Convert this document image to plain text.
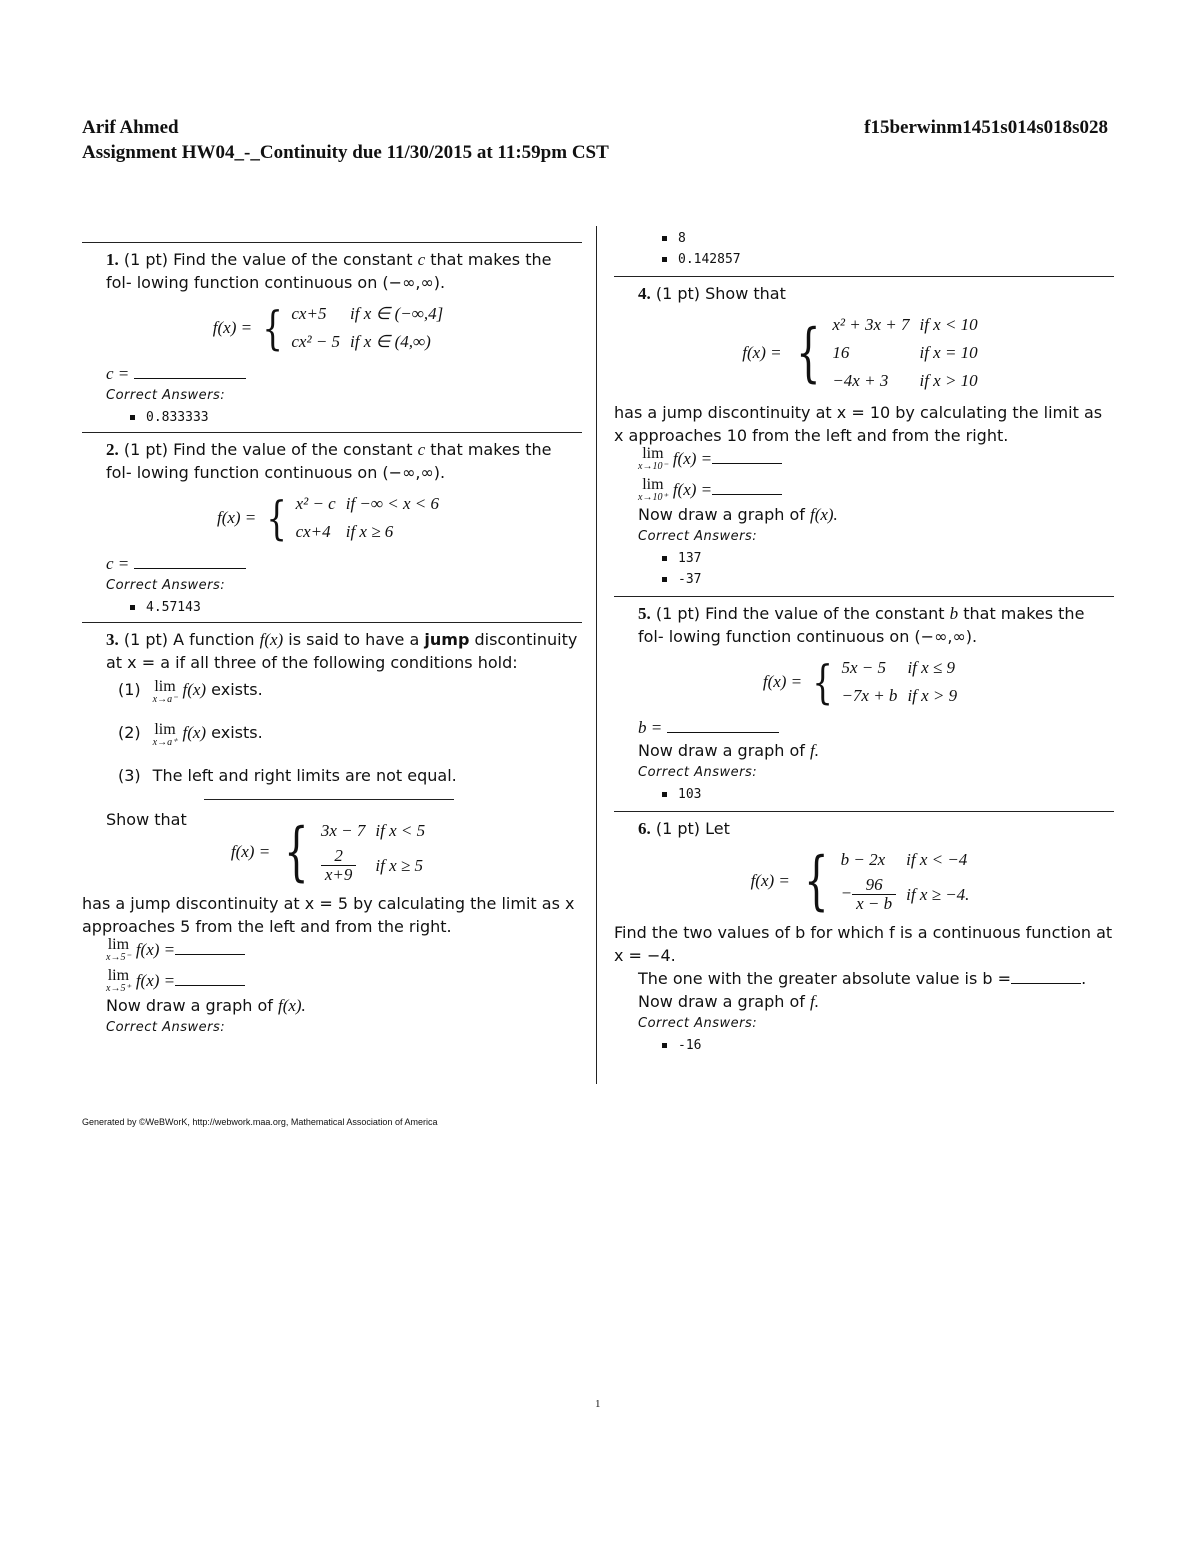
Arif Ahmed	f15berwinm1451s014s018s028
Assignment HW04_-_Continuity due 11/30/2015 at 11:59pm CST

1. (1 pt) Find the value of the constant c that makes the fol- lowing function continuous on (−∞,∞).

f(x) = { cx+5	if x ∈ (−∞,4]
cx² − 5	if x ∈ (4,∞)

c =

Correct Answers:
0.833333

2. (1 pt) Find the value of the constant c that makes the fol- lowing function continuous on (−∞,∞).

f(x) = { x² − c	if −∞ < x < 6
cx+4	if x ≥ 6

c =

Correct Answers:
4.57143

3. (1 pt) A function f(x) is said to have a jump discontinuity at x = a if all three of the following conditions hold:

(1) lim
x→a⁻
f(x) exists.
(2) lim
x→a⁺
f(x) exists.
(3) The left and right limits are not equal.

Show that

f(x) = { 3x − 7	if x < 5

$\frac{2}{x+9}$	if x ≥ 5

has a jump discontinuity at x = 5 by calculating the limit as x approaches 5 from the left and from the right.

lim
x→5⁻ f(x) =

lim
x→5⁺ f(x) =

Now draw a graph of f(x).

Correct Answers:
8
0.142857

4. (1 pt) Show that

f(x) = { x² + 3x + 7	if x < 10
16	if x = 10
−4x + 3	if x > 10

has a jump discontinuity at x = 10 by calculating the limit as x approaches 10 from the left and from the right.

lim
x→10⁻ f(x) =

lim
x→10⁺ f(x) =

Now draw a graph of f(x).

Correct Answers:
137
-37

5. (1 pt) Find the value of the constant b that makes the fol- lowing function continuous on (−∞,∞).

f(x) = { 5x − 5	if x ≤ 9
−7x + b	if x > 9

b =

Now draw a graph of f.

Correct Answers:
103

6. (1 pt) Let

f(x) = { b − 2x	if x < −4
− $\frac{96}{x - b}$	if x ≥ −4.

Find the two values of b for which f is a continuous function at x = −4.

The one with the greater absolute value is b =	.

Now draw a graph of f.

Correct Answers:
-16
Generated by ©WeBWorK, http://webwork.maa.org, Mathematical Association of America
1
